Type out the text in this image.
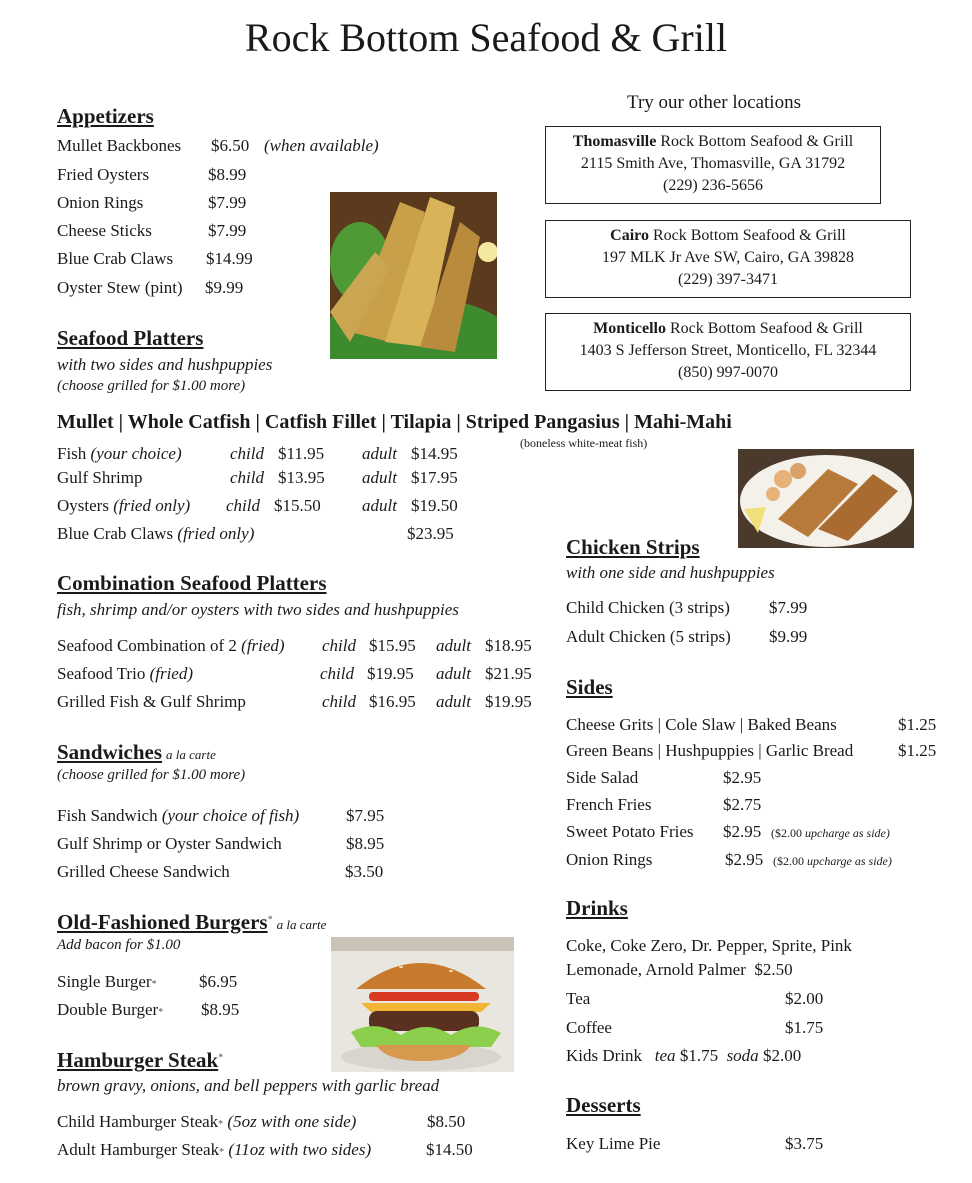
Rock Bottom Seafood & Grill
Appetizers
Mullet Backbones $6.50 (when available)
Fried Oysters	$8.99
Onion Rings	$7.99
Cheese Sticks	$7.99
Blue Crab Claws $14.99
Oyster Stew (pint) $9.99
Seafood Platters
with two sides and hushpuppies
(choose grilled for $1.00 more)
Mullet | Whole Catfish | Catfish Fillet | Tilapia | Striped Pangasius | Mahi-Mahi
(boneless white-meat fish)
Fish (your choice)	child $11.95 adult $14.95
Gulf Shrimp	child $13.95 adult $17.95
Oysters (fried only) child $15.50 adult $19.50
Blue Crab Claws (fried only)	$23.95
Combination Seafood Platters
fish, shrimp and/or oysters with two sides and hushpuppies
Seafood Combination of 2 (fried) child $15.95 adult $18.95
Seafood Trio (fried)	child $19.95 adult $21.95
Grilled Fish & Gulf Shrimp	child $16.95 adult $19.95
Sandwiches a la carte
(choose grilled for $1.00 more)
Fish Sandwich (your choice of fish)	$7.95
Gulf Shrimp or Oyster Sandwich	$8.95
Grilled Cheese Sandwich	$3.50
Old-Fashioned Burgers* a la carte
Add bacon for $1.00
Single Burger* $6.95
Double Burger* $8.95
Hamburger Steak*
brown gravy, onions, and bell peppers with garlic bread
Child Hamburger Steak* (5oz with one side)	$8.50
Adult Hamburger Steak* (11oz with two sides)	$14.50
Try our other locations
Thomasville Rock Bottom Seafood & Grill
2115 Smith Ave, Thomasville, GA 31792
(229) 236-5656
Cairo Rock Bottom Seafood & Grill
197 MLK Jr Ave SW, Cairo, GA 39828
(229) 397-3471
Monticello Rock Bottom Seafood & Grill
1403 S Jefferson Street, Monticello, FL 32344
(850) 997-0070
Chicken Strips
with one side and hushpuppies
Child Chicken (3 strips) $7.99
Adult Chicken (5 strips) $9.99
Sides
Cheese Grits | Cole Slaw | Baked Beans	$1.25
Green Beans | Hushpuppies | Garlic Bread	$1.25
Side Salad	$2.95
French Fries	$2.75
Sweet Potato Fries $2.95 ($2.00 upcharge as side)
Onion Rings	$2.95 ($2.00 upcharge as side)
Drinks
Coke, Coke Zero, Dr. Pepper, Sprite, Pink
Lemonade, Arnold Palmer $2.50
Tea	$2.00
Coffee	$1.75
Kids Drink tea $1.75 soda $2.00
Desserts
Key Lime Pie	$3.75
